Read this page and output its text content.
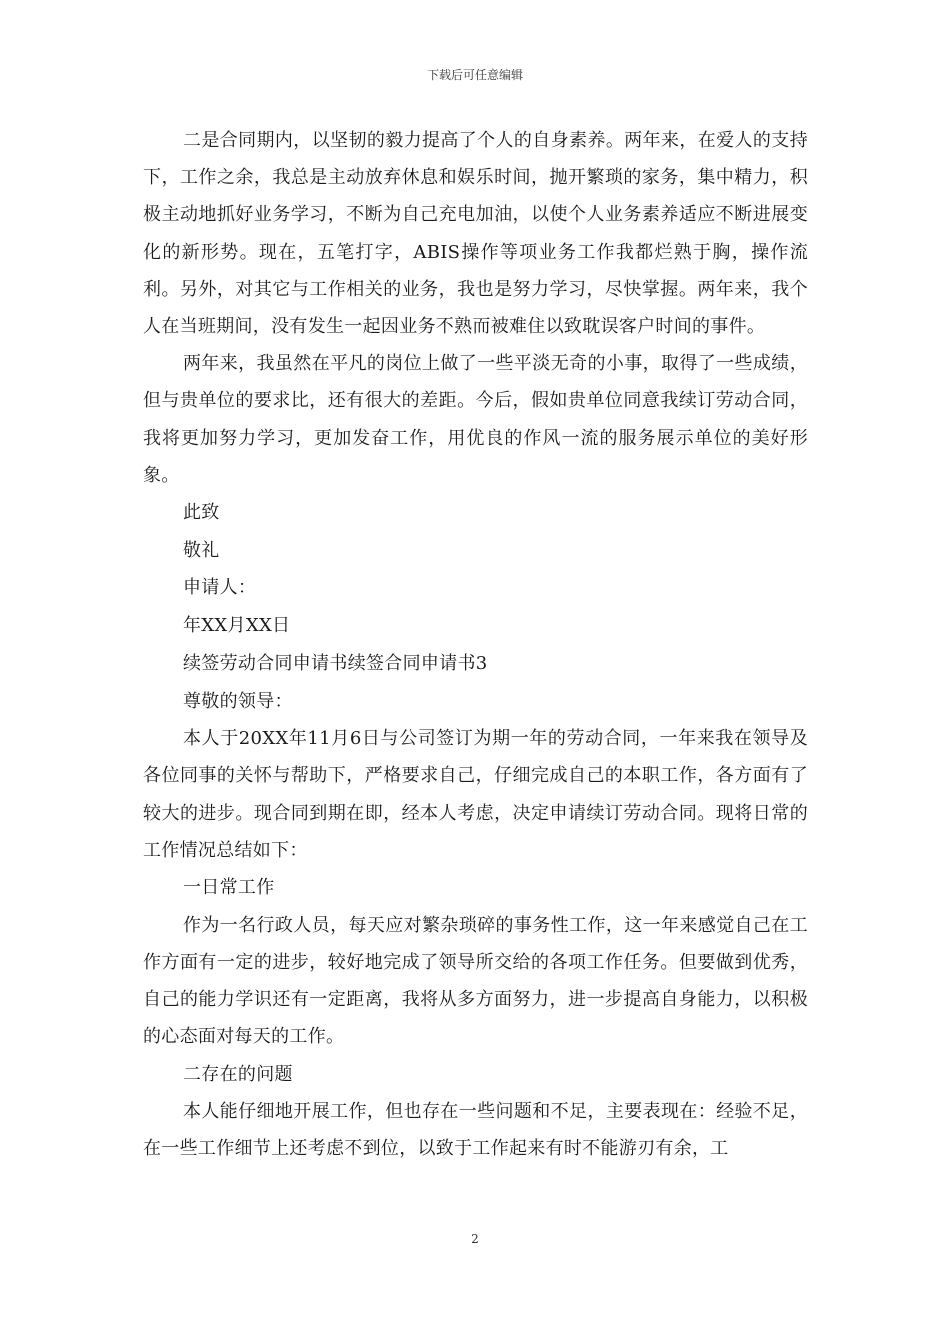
下载后可任意编辑

二是合同期内，以坚韧的毅力提高了个人的自身素养。两年来，在爱人的支持下，工作之余，我总是主动放弃休息和娱乐时间，抛开繁琐的家务，集中精力，积极主动地抓好业务学习，不断为自己充电加油，以使个人业务素养适应不断进展变化的新形势。现在，五笔打字，ABIS操作等项业务工作我都烂熟于胸，操作流利。另外，对其它与工作相关的业务，我也是努力学习，尽快掌握。两年来，我个人在当班期间，没有发生一起因业务不熟而被难住以致耽误客户时间的事件。

两年来，我虽然在平凡的岗位上做了一些平淡无奇的小事，取得了一些成绩，但与贵单位的要求比，还有很大的差距。今后，假如贵单位同意我续订劳动合同，我将更加努力学习，更加发奋工作，用优良的作风一流的服务展示单位的美好形象。

此致

敬礼

申请人：

年XX月XX日

续签劳动合同申请书续签合同申请书3

尊敬的领导：

本人于20XX年11月6日与公司签订为期一年的劳动合同，一年来我在领导及各位同事的关怀与帮助下，严格要求自己，仔细完成自己的本职工作，各方面有了较大的进步。现合同到期在即，经本人考虑，决定申请续订劳动合同。现将日常的工作情况总结如下：

一日常工作

作为一名行政人员，每天应对繁杂琐碎的事务性工作，这一年来感觉自己在工作方面有一定的进步，较好地完成了领导所交给的各项工作任务。但要做到优秀，自己的能力学识还有一定距离，我将从多方面努力，进一步提高自身能力，以积极的心态面对每天的工作。

二存在的问题

本人能仔细地开展工作，但也存在一些问题和不足，主要表现在：经验不足，在一些工作细节上还考虑不到位，以致于工作起来有时不能游刃有余，工

2
